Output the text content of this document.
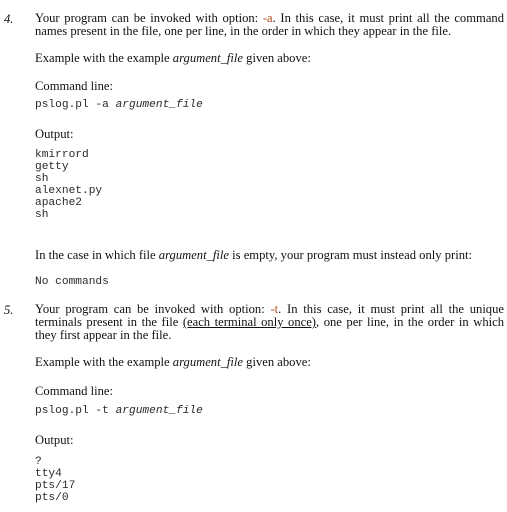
4. Your program can be invoked with option: -a. In this case, it must print all the command names present in the file, one per line, in the order in which they appear in the file.
Example with the example argument_file given above:
Command line:
pslog.pl -a argument_file
Output:
kmirrord
getty
sh
alexnet.py
apache2
sh
In the case in which file argument_file is empty, your program must instead only print:
No commands
5. Your program can be invoked with option: -t. In this case, it must print all the unique terminals present in the file (each terminal only once), one per line, in the order in which they first appear in the file.
Example with the example argument_file given above:
Command line:
pslog.pl -t argument_file
Output:
?
tty4
pts/17
pts/0
